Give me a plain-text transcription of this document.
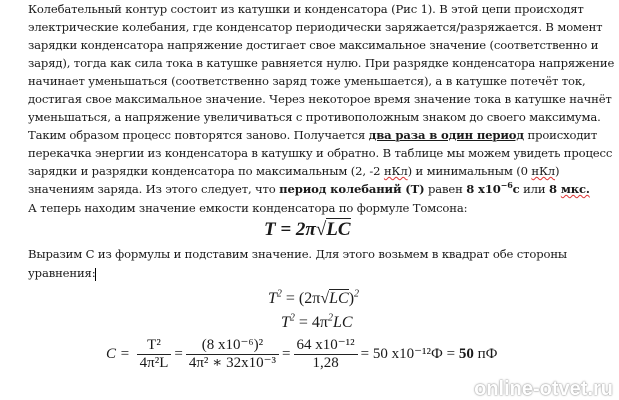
Колебательный контур состоит из катушки и конденсатора (Рис 1). В этой цепи происходят
электрические колебания, где конденсатор периодически заряжается/разряжается. В момент
зарядки конденсатора напряжение достигает свое максимальное значение (соответственно и
заряд), тогда как сила тока в катушке равняется нулю. При разрядке конденсатора напряжение
начинает уменьшаться (соответственно заряд тоже уменьшается), а в катушке потечёт ток,
достигая свое максимальное значение. Через некоторое время значение тока в катушке начнёт
уменьшаться, а напряжение увеличиваться с противоположным знаком до своего максимума.
Таким образом процесс повторятся заново. Получается два раза в один период происходит
перекачка энергии из конденсатора в катушку и обратно. В таблице мы можем увидеть процесс
зарядки и разрядки конденсатора по максимальным (2, -2 нКл) и минимальным (0 нКл)
значениям заряда. Из этого следует, что период колебаний (Т) равен 8 $x10^{-6}с$ или 8 мкс.
А теперь находим значение емкости конденсатора по формуле Томсона:
T = 2π√LC
Выразим С из формулы и подставим значение. Для этого возьмем в квадрат обе стороны
уравнения:
$T^2 = (2\pi√LC)^2$
$T^2 = 4\pi^2LC$
$C = \frac{\text{T²}}{\text{4π²L}} = \frac{\text{(8 x10⁻⁶)²}}{\text{4π² ∗ 32x10⁻³}} = \frac{\text{64 x10⁻¹²}}{1,28} = 50$ x10⁻¹²Ф = 50 пФ
online-otvet.ru
